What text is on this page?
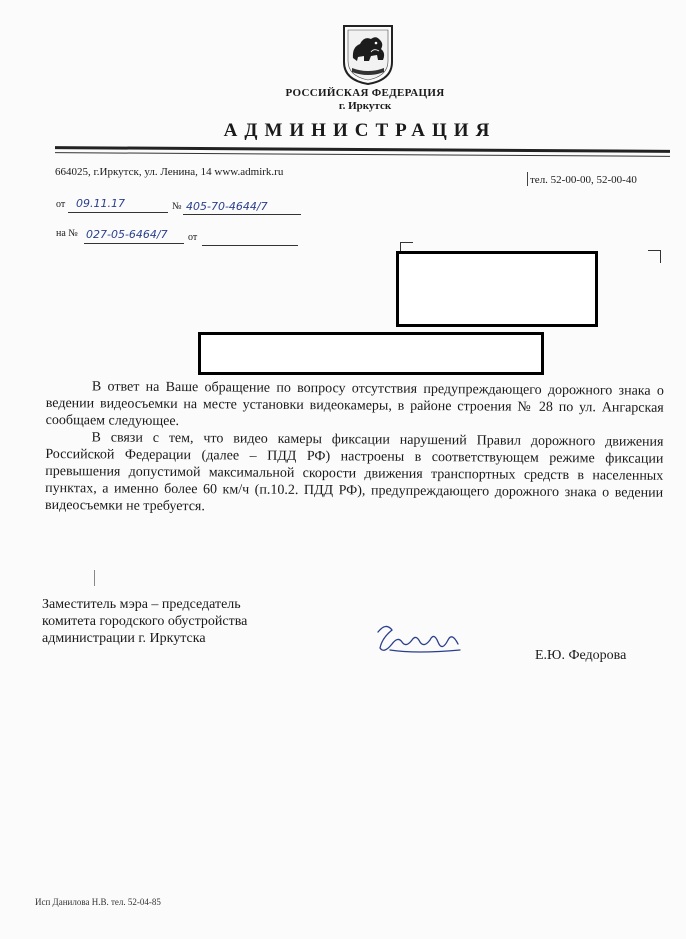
РОССИЙСКАЯ ФЕДЕРАЦИЯ
г. Иркутск
АДМИНИСТРАЦИЯ
664025, г.Иркутск, ул. Ленина, 14 www.admirk.ru
тел. 52-00-00, 52-00-40
от 09.11.17	№ 405-70-4644/7
на № 027-05-6464/7 от

В ответ на Ваше обращение по вопросу отсутствия предупреждающего дорожного знака о ведении видеосъемки на месте установки видеокамеры, в районе строения № 28 по ул. Ангарская сообщаем следующее.

В связи с тем, что видео камеры фиксации нарушений Правил дорожного движения Российской Федерации (далее – ПДД РФ) настроены в соответствующем режиме фиксации превышения допустимой максимальной скорости движения транспортных средств в населенных пунктах, а именно более 60 км/ч (п.10.2. ПДД РФ), предупреждающего дорожного знака о ведении видеосъемки не требуется.

Заместитель мэра – председатель
комитета городского обустройства
администрации г. Иркутска
Е.Ю. Федорова
Исп Данилова Н.В. тел. 52-04-85
